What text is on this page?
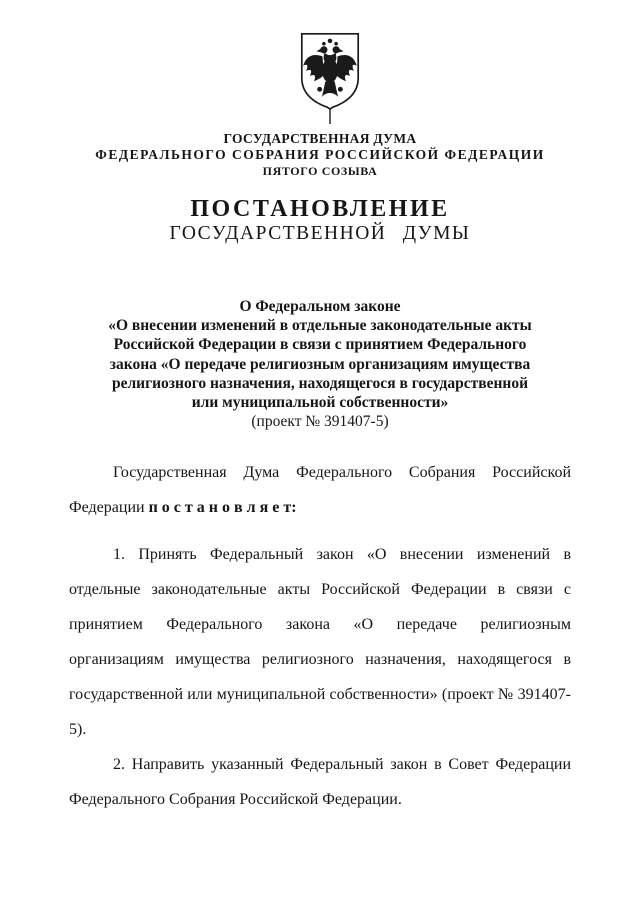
ГОСУДАРСТВЕННАЯ ДУМА
ФЕДЕРАЛЬНОГО СОБРАНИЯ РОССИЙСКОЙ ФЕДЕРАЦИИ
ПЯТОГО СОЗЫВА
ПОСТАНОВЛЕНИЕ
ГОСУДАРСТВЕННОЙ ДУМЫ
О Федеральном законе
«О внесении изменений в отдельные законодательные акты
Российской Федерации в связи с принятием Федерального
закона «О передаче религиозным организациям имущества
религиозного назначения, находящегося в государственной
или муниципальной собственности»
(проект № 391407-5)

Государственная Дума Федерального Собрания Российской Федерации п о с т а н о в л я е т:

1. Принять Федеральный закон «О внесении изменений в отдельные законодательные акты Российской Федерации в связи с принятием Федерального закона «О передаче религиозным организациям имущества религиозного назначения, находящегося в государственной или муниципальной собственности» (проект № 391407-5).

2. Направить указанный Федеральный закон в Совет Федерации Федерального Собрания Российской Федерации.
